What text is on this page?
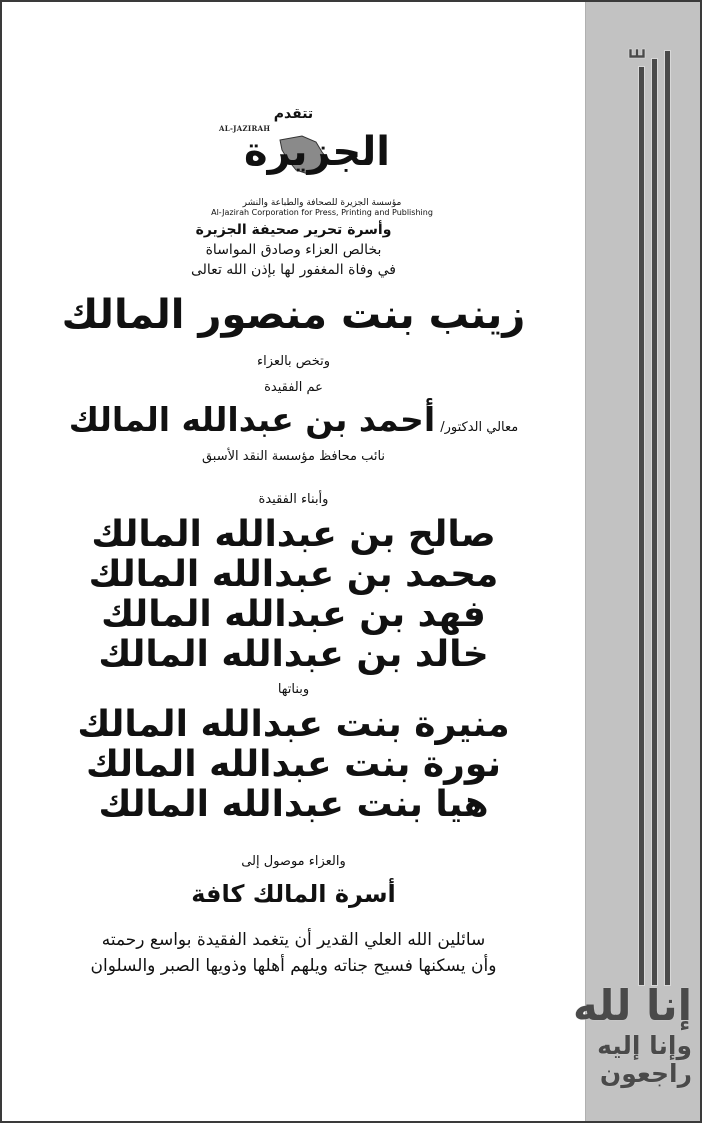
تتقدم
AL-JAZIRAH
الجزيرة
مؤسسة الجزيرة للصحافة والطباعة والنشر
Al-Jazirah Corporation for Press, Printing and Publishing
وأسرة تحرير صحيفة الجزيرة
بخالص العزاء وصادق المواساة
في وفاة المغفور لها بإذن الله تعالى
زينب بنت منصور المالك
وتخص بالعزاء
عم الفقيدة
معالي الدكتور/ أحمد بن عبدالله المالك
نائب محافظ مؤسسة النقد الأسبق
وأبناء الفقيدة
صالح بن عبدالله المالك
محمد بن عبدالله المالك
فهد بن عبدالله المالك
خالد بن عبدالله المالك
وبناتها
منيرة بنت عبدالله المالك
نورة بنت عبدالله المالك
هيا بنت عبدالله المالك
والعزاء موصول إلى
أسرة المالك كافة
سائلين الله العلي القدير أن يتغمد الفقيدة بواسع رحمته
وأن يسكنها فسيح جناته ويلهم أهلها وذويها الصبر والسلوان
إنا لله
وإنا إليه
راجعون
